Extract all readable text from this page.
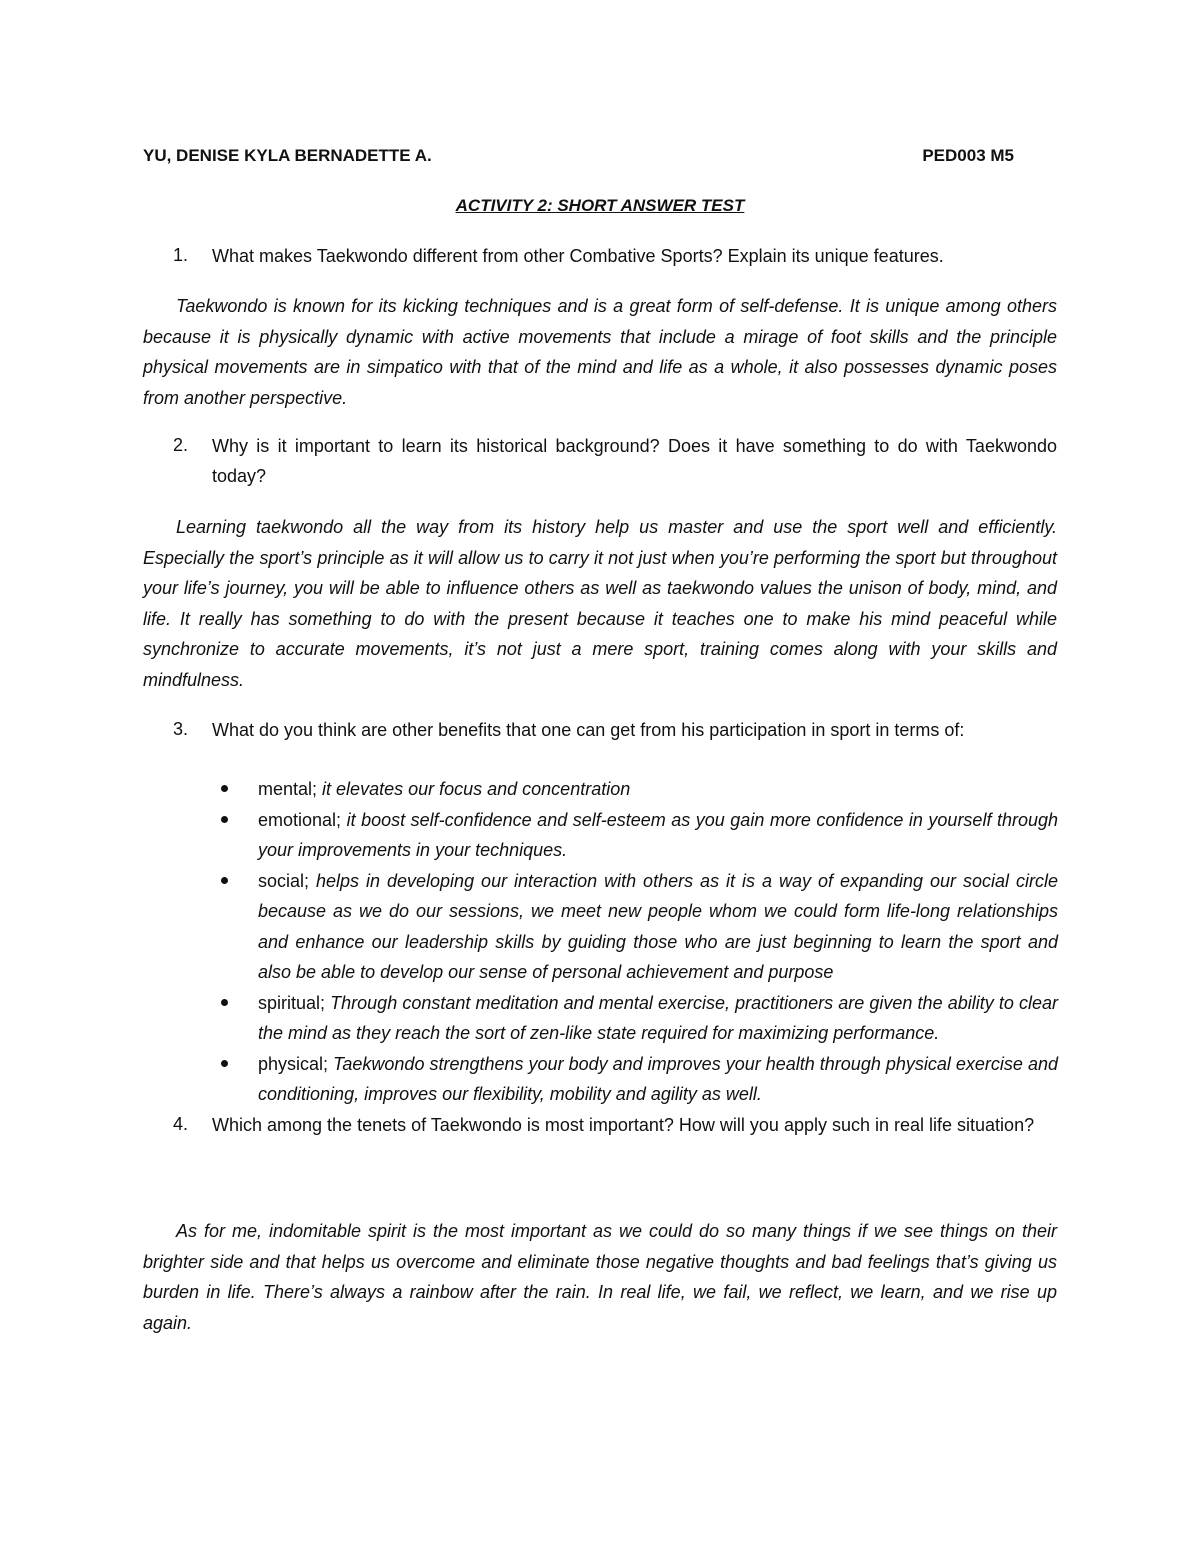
YU, DENISE KYLA BERNADETTE A.	PED003 M5
ACTIVITY 2: SHORT ANSWER TEST
1. What makes Taekwondo different from other Combative Sports? Explain its unique features.
Taekwondo is known for its kicking techniques and is a great form of self-defense. It is unique among others because it is physically dynamic with active movements that include a mirage of foot skills and the principle physical movements are in simpatico with that of the mind and life as a whole, it also possesses dynamic poses from another perspective.
2. Why is it important to learn its historical background? Does it have something to do with Taekwondo today?
Learning taekwondo all the way from its history help us master and use the sport well and efficiently. Especially the sport’s principle as it will allow us to carry it not just when you’re performing the sport but throughout your life’s journey, you will be able to influence others as well as taekwondo values the unison of body, mind, and life. It really has something to do with the present because it teaches one to make his mind peaceful while synchronize to accurate movements, it’s not just a mere sport, training comes along with your skills and mindfulness.
3. What do you think are other benefits that one can get from his participation in sport in terms of:
mental; it elevates our focus and concentration
emotional; it boost self-confidence and self-esteem as you gain more confidence in yourself through your improvements in your techniques.
social; helps in developing our interaction with others as it is a way of expanding our social circle because as we do our sessions, we meet new people whom we could form life-long relationships and enhance our leadership skills by guiding those who are just beginning to learn the sport and also be able to develop our sense of personal achievement and purpose
spiritual; Through constant meditation and mental exercise, practitioners are given the ability to clear the mind as they reach the sort of zen-like state required for maximizing performance.
physical; Taekwondo strengthens your body and improves your health through physical exercise and conditioning, improves our flexibility, mobility and agility as well.
4. Which among the tenets of Taekwondo is most important? How will you apply such in real life situation?
As for me, indomitable spirit is the most important as we could do so many things if we see things on their brighter side and that helps us overcome and eliminate those negative thoughts and bad feelings that’s giving us burden in life. There’s always a rainbow after the rain. In real life, we fail, we reflect, we learn, and we rise up again.
